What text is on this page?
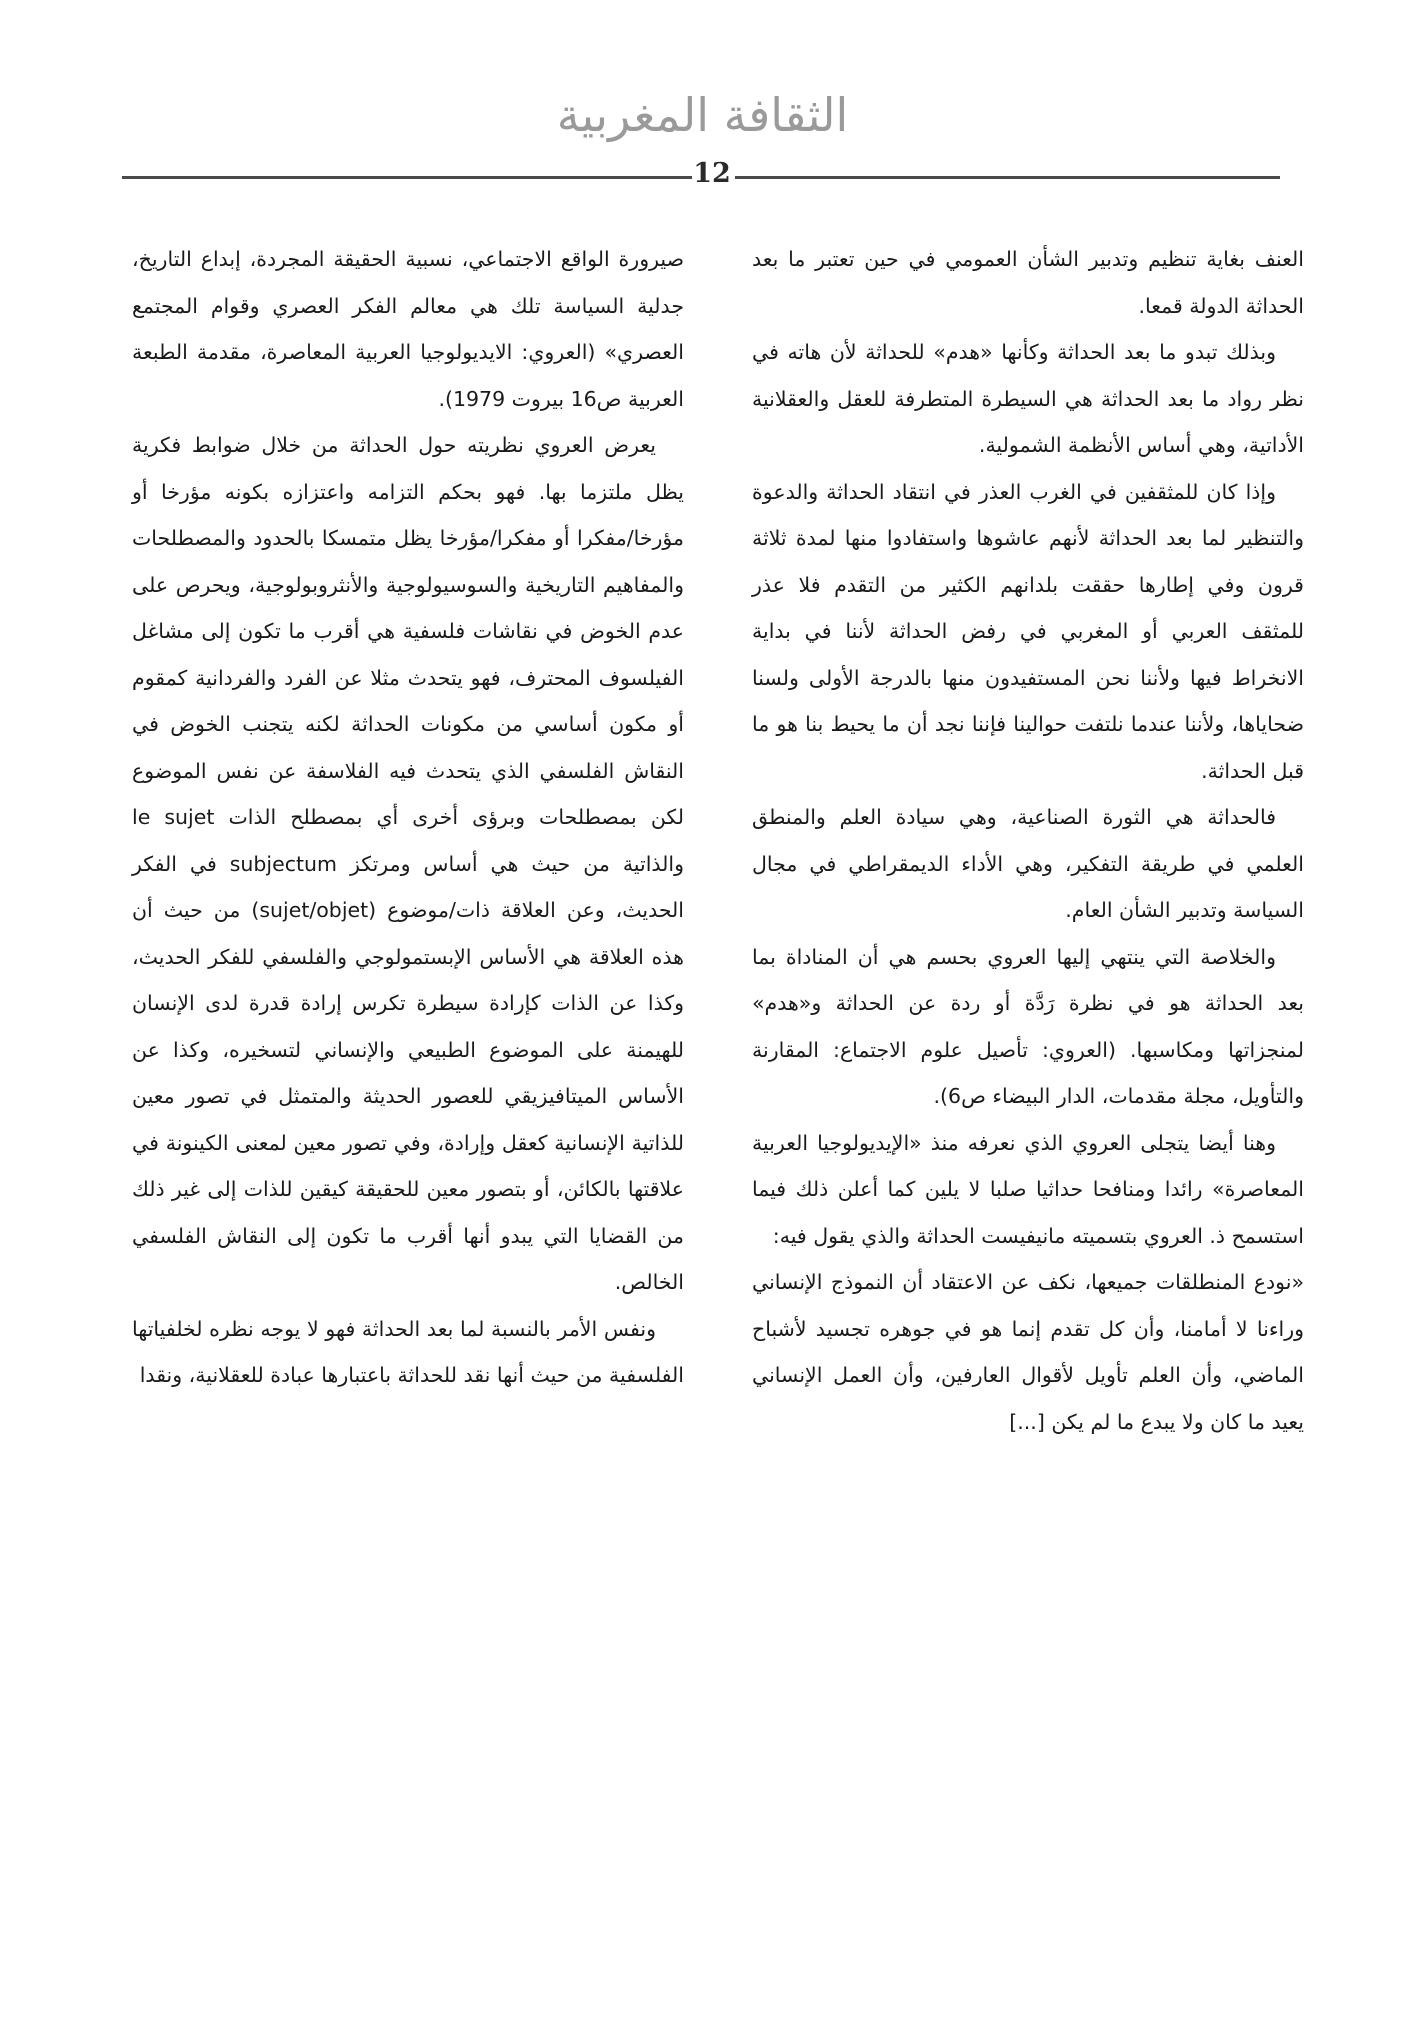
الثقافة المغربية
12

العنف بغاية تنظيم وتدبير الشأن العمومي في حين تعتبر ما بعد الحداثة الدولة قمعا.

وبذلك تبدو ما بعد الحداثة وكأنها «هدم» للحداثة لأن هاته في نظر رواد ما بعد الحداثة هي السيطرة المتطرفة للعقل والعقلانية الأداتية، وهي أساس الأنظمة الشمولية.

وإذا كان للمثقفين في الغرب العذر في انتقاد الحداثة والدعوة والتنظير لما بعد الحداثة لأنهم عاشوها واستفادوا منها لمدة ثلاثة قرون وفي إطارها حققت بلدانهم الكثير من التقدم فلا عذر للمثقف العربي أو المغربي في رفض الحداثة لأننا في بداية الانخراط فيها ولأننا نحن المستفيدون منها بالدرجة الأولى ولسنا ضحاياها، ولأننا عندما نلتفت حوالينا فإننا نجد أن ما يحيط بنا هو ما قبل الحداثة.

فالحداثة هي الثورة الصناعية، وهي سيادة العلم والمنطق العلمي في طريقة التفكير، وهي الأداء الديمقراطي في مجال السياسة وتدبير الشأن العام.

والخلاصة التي ينتهي إليها العروي بحسم هي أن المناداة بما بعد الحداثة هو في نظرة رَدَّة أو ردة عن الحداثة و«هدم» لمنجزاتها ومكاسبها. (العروي: تأصيل علوم الاجتماع: المقارنة والتأويل، مجلة مقدمات، الدار البيضاء ص6).

وهنا أيضا يتجلى العروي الذي نعرفه منذ «الإيديولوجيا العربية المعاصرة» رائدا ومنافحا حداثيا صلبا لا يلين كما أعلن ذلك فيما استسمح ذ. العروي بتسميته مانيفيست الحداثة والذي يقول فيه:

«نودع المنطلقات جميعها، نكف عن الاعتقاد أن النموذج الإنساني وراءنا لا أمامنا، وأن كل تقدم إنما هو في جوهره تجسيد لأشباح الماضي، وأن العلم تأويل لأقوال العارفين، وأن العمل الإنساني يعيد ما كان ولا يبدع ما لم يكن [...]

صيرورة الواقع الاجتماعي، نسبية الحقيقة المجردة، إبداع التاريخ، جدلية السياسة تلك هي معالم الفكر العصري وقوام المجتمع العصري» (العروي: الايديولوجيا العربية المعاصرة، مقدمة الطبعة العربية ص16 بيروت 1979).

يعرض العروي نظريته حول الحداثة من خلال ضوابط فكرية يظل ملتزما بها. فهو بحكم التزامه واعتزازه بكونه مؤرخا أو مؤرخا/مفكرا أو مفكرا/مؤرخا يظل متمسكا بالحدود والمصطلحات والمفاهيم التاريخية والسوسيولوجية والأنثروبولوجية، ويحرص على عدم الخوض في نقاشات فلسفية هي أقرب ما تكون إلى مشاغل الفيلسوف المحترف، فهو يتحدث مثلا عن الفرد والفردانية كمقوم أو مكون أساسي من مكونات الحداثة لكنه يتجنب الخوض في النقاش الفلسفي الذي يتحدث فيه الفلاسفة عن نفس الموضوع لكن بمصطلحات وبرؤى أخرى أي بمصطلح الذات le sujet والذاتية من حيث هي أساس ومرتكز subjectum في الفكر الحديث، وعن العلاقة ذات/موضوع (sujet/objet) من حيث أن هذه العلاقة هي الأساس الإبستمولوجي والفلسفي للفكر الحديث، وكذا عن الذات كإرادة سيطرة تكرس إرادة قدرة لدى الإنسان للهيمنة على الموضوع الطبيعي والإنساني لتسخيره، وكذا عن الأساس الميتافيزيقي للعصور الحديثة والمتمثل في تصور معين للذاتية الإنسانية كعقل وإرادة، وفي تصور معين لمعنى الكينونة في علاقتها بالكائن، أو بتصور معين للحقيقة كيقين للذات إلى غير ذلك من القضايا التي يبدو أنها أقرب ما تكون إلى النقاش الفلسفي الخالص.

ونفس الأمر بالنسبة لما بعد الحداثة فهو لا يوجه نظره لخلفياتها الفلسفية من حيث أنها نقد للحداثة باعتبارها عبادة للعقلانية، ونقدا
